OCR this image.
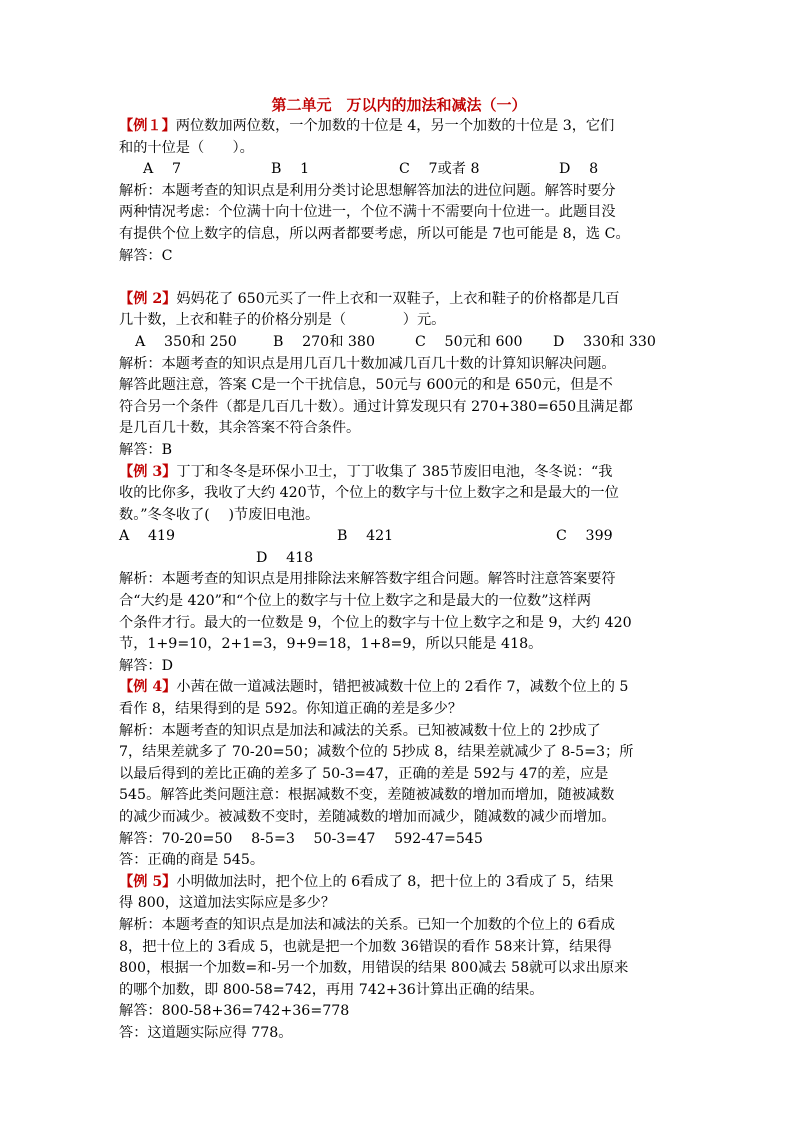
第二单元　万以内的加法和减法（一）
【例１】两位数加两位数，一个加数的十位是 4，另一个加数的十位是 3，它们
和的十位是（　　）。
A　 7	B　 1	C　 7或者 8	D　 8
解析：本题考查的知识点是利用分类讨论思想解答加法的进位问题。解答时要分
两种情况考虑：个位满十向十位进一，个位不满十不需要向十位进一。此题目没
有提供个位上数字的信息，所以两者都要考虑，所以可能是 7也可能是 8，选 C。
解答：C
【例 2】妈妈花了 650元买了一件上衣和一双鞋子，上衣和鞋子的价格都是几百
几十数，上衣和鞋子的价格分别是（　　　　）元。
A　 350和 250	B　 270和 380	C　 50元和 600 D　 330和 330
解析：本题考查的知识点是用几百几十数加减几百几十数的计算知识解决问题。
解答此题注意，答案 C是一个干扰信息，50元与 600元的和是 650元，但是不
符合另一个条件（都是几百几十数）。通过计算发现只有 270+380=650且满足都
是几百几十数，其余答案不符合条件。
解答：B
【例 3】丁丁和冬冬是环保小卫士，丁丁收集了 385节废旧电池，冬冬说：“我
收的比你多，我收了大约 420节，个位上的数字与十位上数字之和是最大的一位
数。”冬冬收了(　 )节废旧电池。
A　 419	B　 421	C　 399
D　 418
解析：本题考查的知识点是用排除法来解答数字组合问题。解答时注意答案要符
合“大约是 420”和“个位上的数字与十位上数字之和是最大的一位数”这样两
个条件才行。最大的一位数是 9，个位上的数字与十位上数字之和是 9，大约 420
节，1+9=10，2+1=3，9+9=18，1+8=9，所以只能是 418。
解答：D
【例 4】小茜在做一道减法题时，错把被减数十位上的 2看作 7，减数个位上的 5
看作 8，结果得到的是 592。你知道正确的差是多少？
解析：本题考查的知识点是加法和减法的关系。已知被减数十位上的 2抄成了
7，结果差就多了 70-20=50；减数个位的 5抄成 8，结果差就减少了 8-5=3；所
以最后得到的差比正确的差多了 50-3=47，正确的差是 592与 47的差，应是
545。解答此类问题注意：根据减数不变，差随被减数的增加而增加，随被减数
的减少而减少。被减数不变时，差随减数的增加而减少，随减数的减少而增加。
解答：70-20=50　 8-5=3　 50-3=47　 592-47=545
答：正确的商是 545。
【例 5】小明做加法时，把个位上的 6看成了 8，把十位上的 3看成了 5，结果
得 800，这道加法实际应是多少？
解析：本题考查的知识点是加法和减法的关系。已知一个加数的个位上的 6看成
8，把十位上的 3看成 5，也就是把一个加数 36错误的看作 58来计算，结果得
800，根据一个加数=和-另一个加数，用错误的结果 800减去 58就可以求出原来
的哪个加数，即 800-58=742，再用 742+36计算出正确的结果。
解答：800-58+36=742+36=778
答：这道题实际应得 778。
